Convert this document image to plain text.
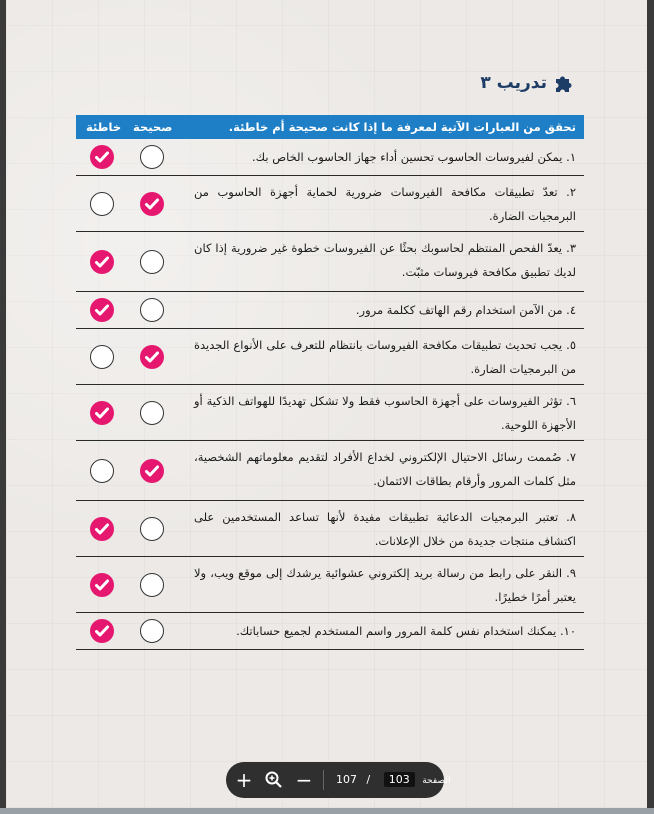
تدريب ٣
تحقق من العبارات الآتية لمعرفة ما إذا كانت صحيحة أم خاطئة.
صحيحة
خاطئة
١. يمكن لفيروسات الحاسوب تحسين أداء جهاز الحاسوب الخاص بك.
٢. تعدّ تطبيقات مكافحة الفيروسات ضرورية لحماية أجهزة الحاسوب من البرمجيات الضارة.
٣. يعدّ الفحص المنتظم لحاسوبك بحثًا عن الفيروسات خطوة غير ضرورية إذا كان لديك تطبيق مكافحة فيروسات مثبّت.
٤. من الآمن استخدام رقم الهاتف ككلمة مرور.
٥. يجب تحديث تطبيقات مكافحة الفيروسات بانتظام للتعرف على الأنواع الجديدة من البرمجيات الضارة.
٦. تؤثر الفيروسات على أجهزة الحاسوب فقط ولا تشكل تهديدًا للهواتف الذكية أو الأجهزة اللوحية.
٧. صُممت رسائل الاحتيال الإلكتروني لخداع الأفراد لتقديم معلوماتهم الشخصية، مثل كلمات المرور وأرقام بطاقات الائتمان.
٨. تعتبر البرمجيات الدعائية تطبيقات مفيدة لأنها تساعد المستخدمين على اكتشاف منتجات جديدة من خلال الإعلانات.
٩. النقر على رابط من رسالة بريد إلكتروني عشوائية يرشدك إلى موقع ويب، ولا يعتبر أمرًا خطيرًا.
١٠. يمكنك استخدام نفس كلمة المرور واسم المستخدم لجميع حساباتك.
+ − 107 / 103 الصفحة
